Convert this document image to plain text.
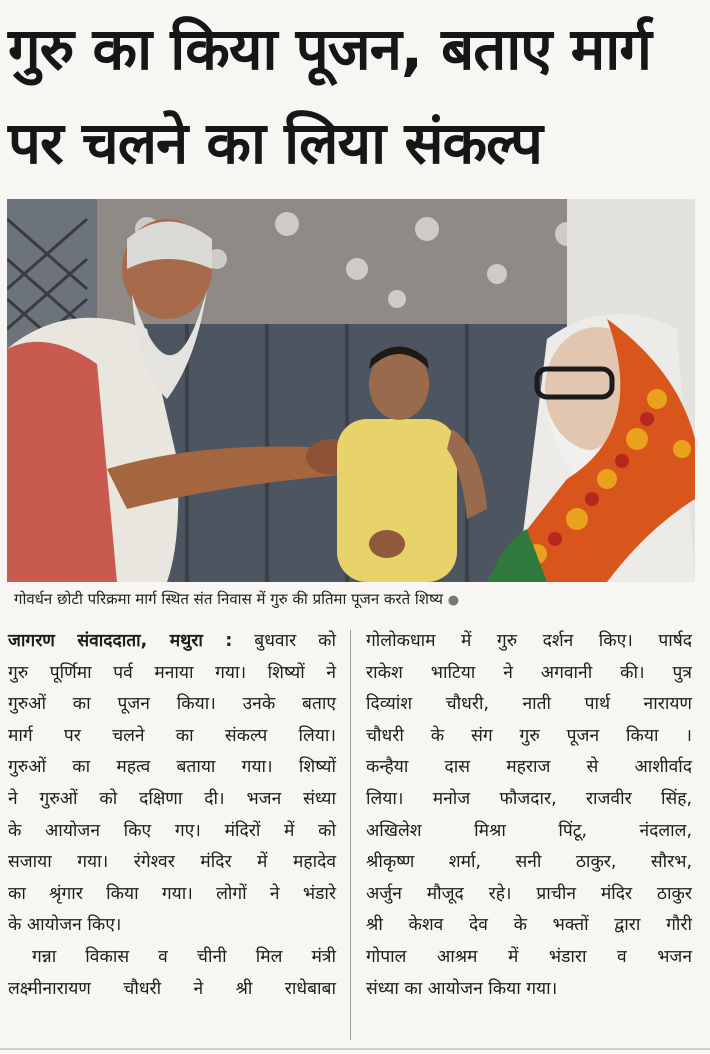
गुरु का किया पूजन, बताए मार्ग
पर चलने का लिया संकल्प
गोवर्धन छोटी परिक्रमा मार्ग स्थित संत निवास में गुरु की प्रतिमा पूजन करते शिष्य ●
जागरण संवाददाता, मथुरा : बुधवार को
गुरु पूर्णिमा पर्व मनाया गया। शिष्यों ने
गुरुओं का पूजन किया। उनके बताए
मार्ग पर चलने का संकल्प लिया।
गुरुओं का महत्व बताया गया। शिष्यों
ने गुरुओं को दक्षिणा दी। भजन संध्या
के आयोजन किए गए। मंदिरों में को
सजाया गया। रंगेश्वर मंदिर में महादेव
का श्रृंगार किया गया। लोगों ने भंडारे
के आयोजन किए।
गन्ना विकास व चीनी मिल मंत्री
लक्ष्मीनारायण चौधरी ने श्री राधेबाबा
गोलोकधाम में गुरु दर्शन किए। पार्षद
राकेश भाटिया ने अगवानी की। पुत्र
दिव्यांश चौधरी, नाती पार्थ नारायण
चौधरी के संग गुरु पूजन किया ।
कन्हैया दास महराज से आशीर्वाद
लिया। मनोज फौजदार, राजवीर सिंह,
अखिलेश मिश्रा पिंटू, नंदलाल,
श्रीकृष्ण शर्मा, सनी ठाकुर, सौरभ,
अर्जुन मौजूद रहे। प्राचीन मंदिर ठाकुर
श्री केशव देव के भक्तों द्वारा गौरी
गोपाल आश्रम में भंडारा व भजन
संध्या का आयोजन किया गया।
